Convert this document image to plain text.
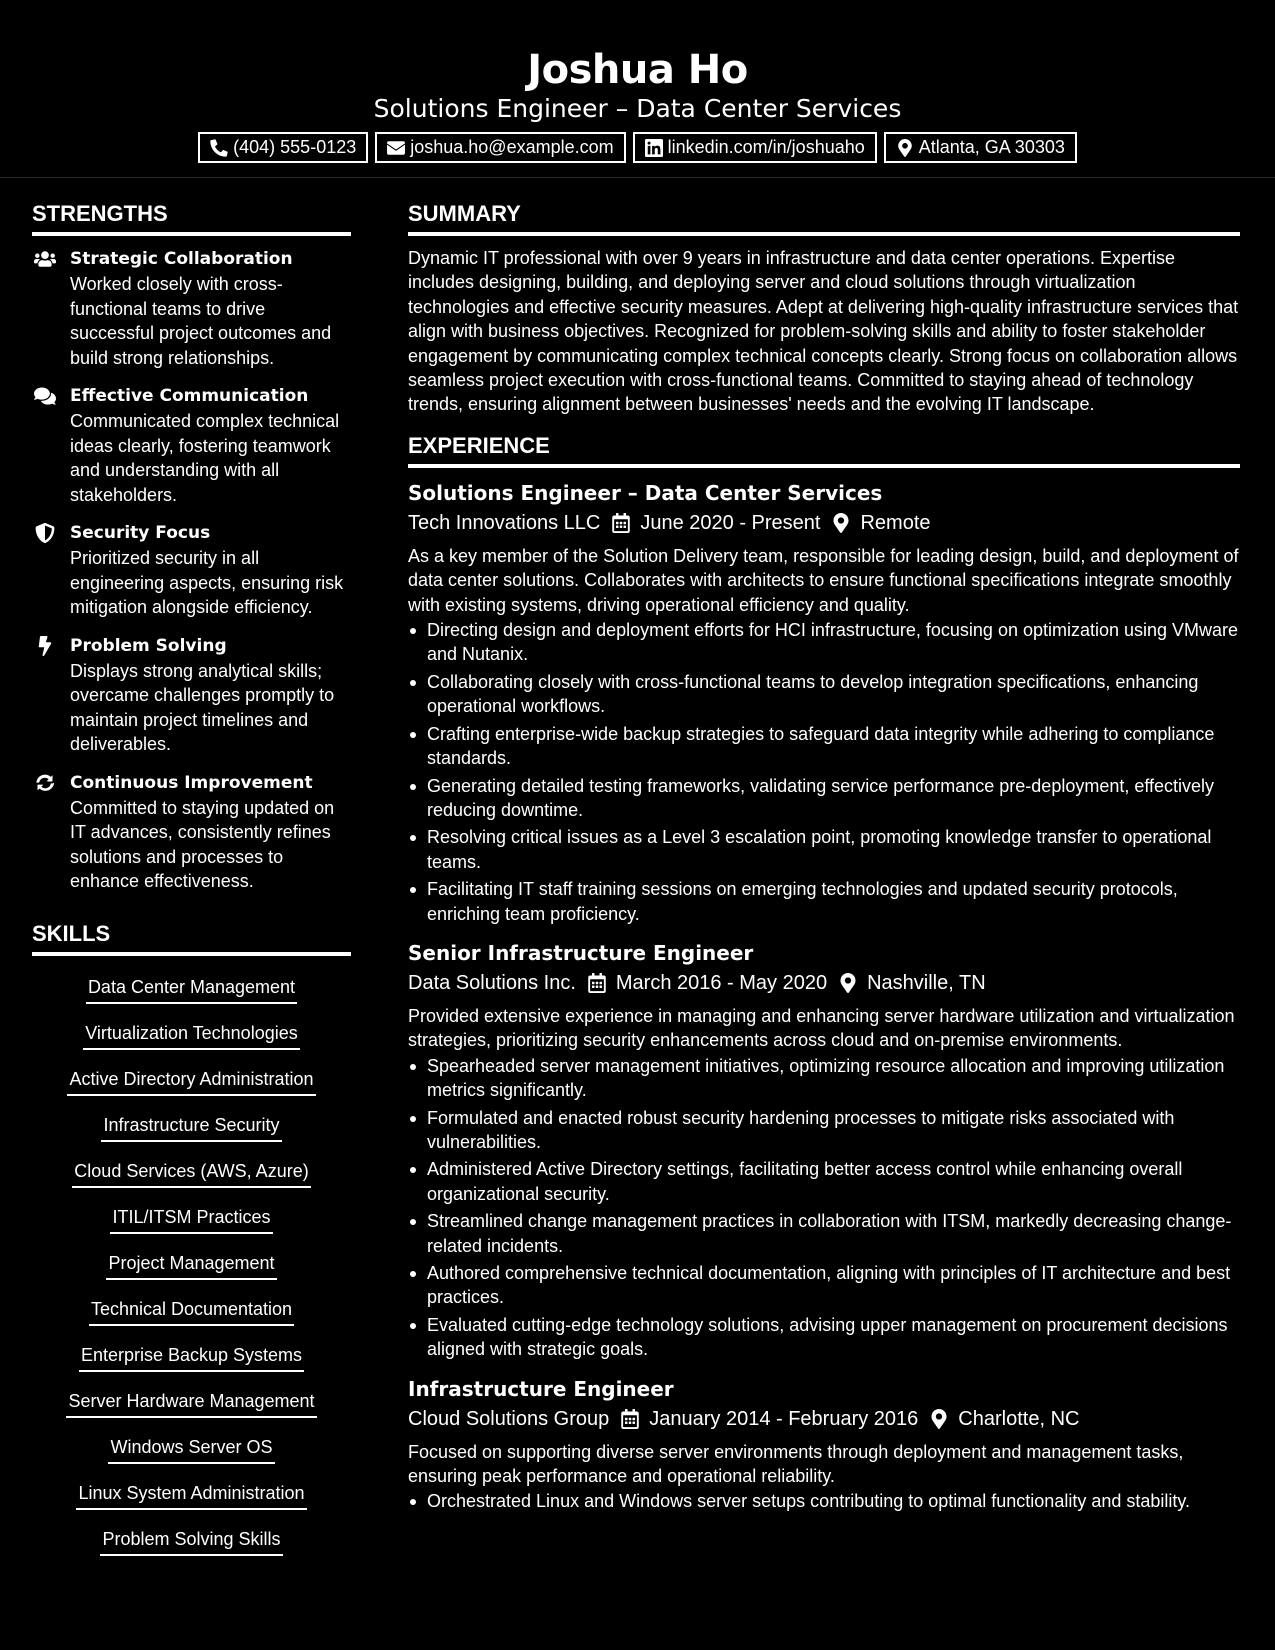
Joshua Ho
Solutions Engineer – Data Center Services
(404) 555-0123	joshua.ho@example.com	linkedin.com/in/joshuaho	Atlanta, GA 30303
STRENGTHS
Strategic Collaboration
Worked closely with cross-functional teams to drive successful project outcomes and build strong relationships.
Effective Communication
Communicated complex technical ideas clearly, fostering teamwork and understanding with all stakeholders.
Security Focus
Prioritized security in all engineering aspects, ensuring risk mitigation alongside efficiency.
Problem Solving
Displays strong analytical skills; overcame challenges promptly to maintain project timelines and deliverables.
Continuous Improvement
Committed to staying updated on IT advances, consistently refines solutions and processes to enhance effectiveness.
SKILLS
Data Center Management
Virtualization Technologies
Active Directory Administration
Infrastructure Security
Cloud Services (AWS, Azure)
ITIL/ITSM Practices
Project Management
Technical Documentation
Enterprise Backup Systems
Server Hardware Management
Windows Server OS
Linux System Administration
Problem Solving Skills
SUMMARY

Dynamic IT professional with over 9 years in infrastructure and data center operations. Expertise includes designing, building, and deploying server and cloud solutions through virtualization technologies and effective security measures. Adept at delivering high-quality infrastructure services that align with business objectives. Recognized for problem-solving skills and ability to foster stakeholder engagement by communicating complex technical concepts clearly. Strong focus on collaboration allows seamless project execution with cross-functional teams. Committed to staying ahead of technology trends, ensuring alignment between businesses' needs and the evolving IT landscape.

EXPERIENCE
Solutions Engineer – Data Center Services
Tech Innovations LLC June 2020 - Present Remote
As a key member of the Solution Delivery team, responsible for leading design, build, and deployment of data center solutions. Collaborates with architects to ensure functional specifications integrate smoothly with existing systems, driving operational efficiency and quality.
Directing design and deployment efforts for HCI infrastructure, focusing on optimization using VMware and Nutanix.
Collaborating closely with cross-functional teams to develop integration specifications, enhancing operational workflows.
Crafting enterprise-wide backup strategies to safeguard data integrity while adhering to compliance standards.
Generating detailed testing frameworks, validating service performance pre-deployment, effectively reducing downtime.
Resolving critical issues as a Level 3 escalation point, promoting knowledge transfer to operational teams.
Facilitating IT staff training sessions on emerging technologies and updated security protocols, enriching team proficiency.
Senior Infrastructure Engineer
Data Solutions Inc. March 2016 - May 2020 Nashville, TN
Provided extensive experience in managing and enhancing server hardware utilization and virtualization strategies, prioritizing security enhancements across cloud and on-premise environments.
Spearheaded server management initiatives, optimizing resource allocation and improving utilization metrics significantly.
Formulated and enacted robust security hardening processes to mitigate risks associated with vulnerabilities.
Administered Active Directory settings, facilitating better access control while enhancing overall organizational security.
Streamlined change management practices in collaboration with ITSM, markedly decreasing change-related incidents.
Authored comprehensive technical documentation, aligning with principles of IT architecture and best practices.
Evaluated cutting-edge technology solutions, advising upper management on procurement decisions aligned with strategic goals.
Infrastructure Engineer
Cloud Solutions Group January 2014 - February 2016 Charlotte, NC
Focused on supporting diverse server environments through deployment and management tasks, ensuring peak performance and operational reliability.
Orchestrated Linux and Windows server setups contributing to optimal functionality and stability.
